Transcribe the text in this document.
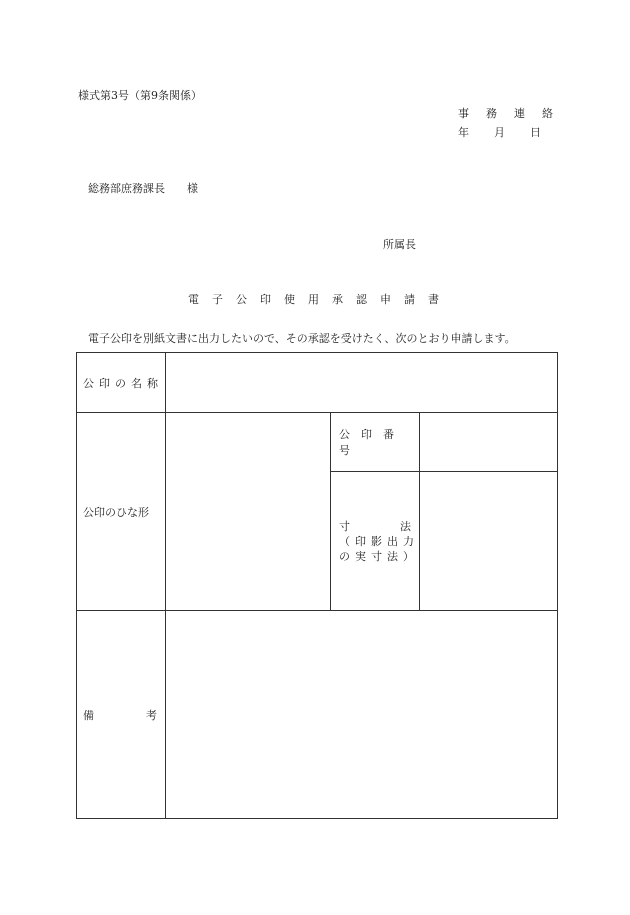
様式第3号（第9条関係）
事 務 連 絡
年 月 日
総務部庶務課長 様
所属長
電子公印使用承認申請書
電子公印を別紙文書に出力したいので、その承認を受けたく、次のとおり申請します。
公印の名称			
公印のひな形		公印番号	

		寸 法
（印影出力
の実寸法）	

備 考			
